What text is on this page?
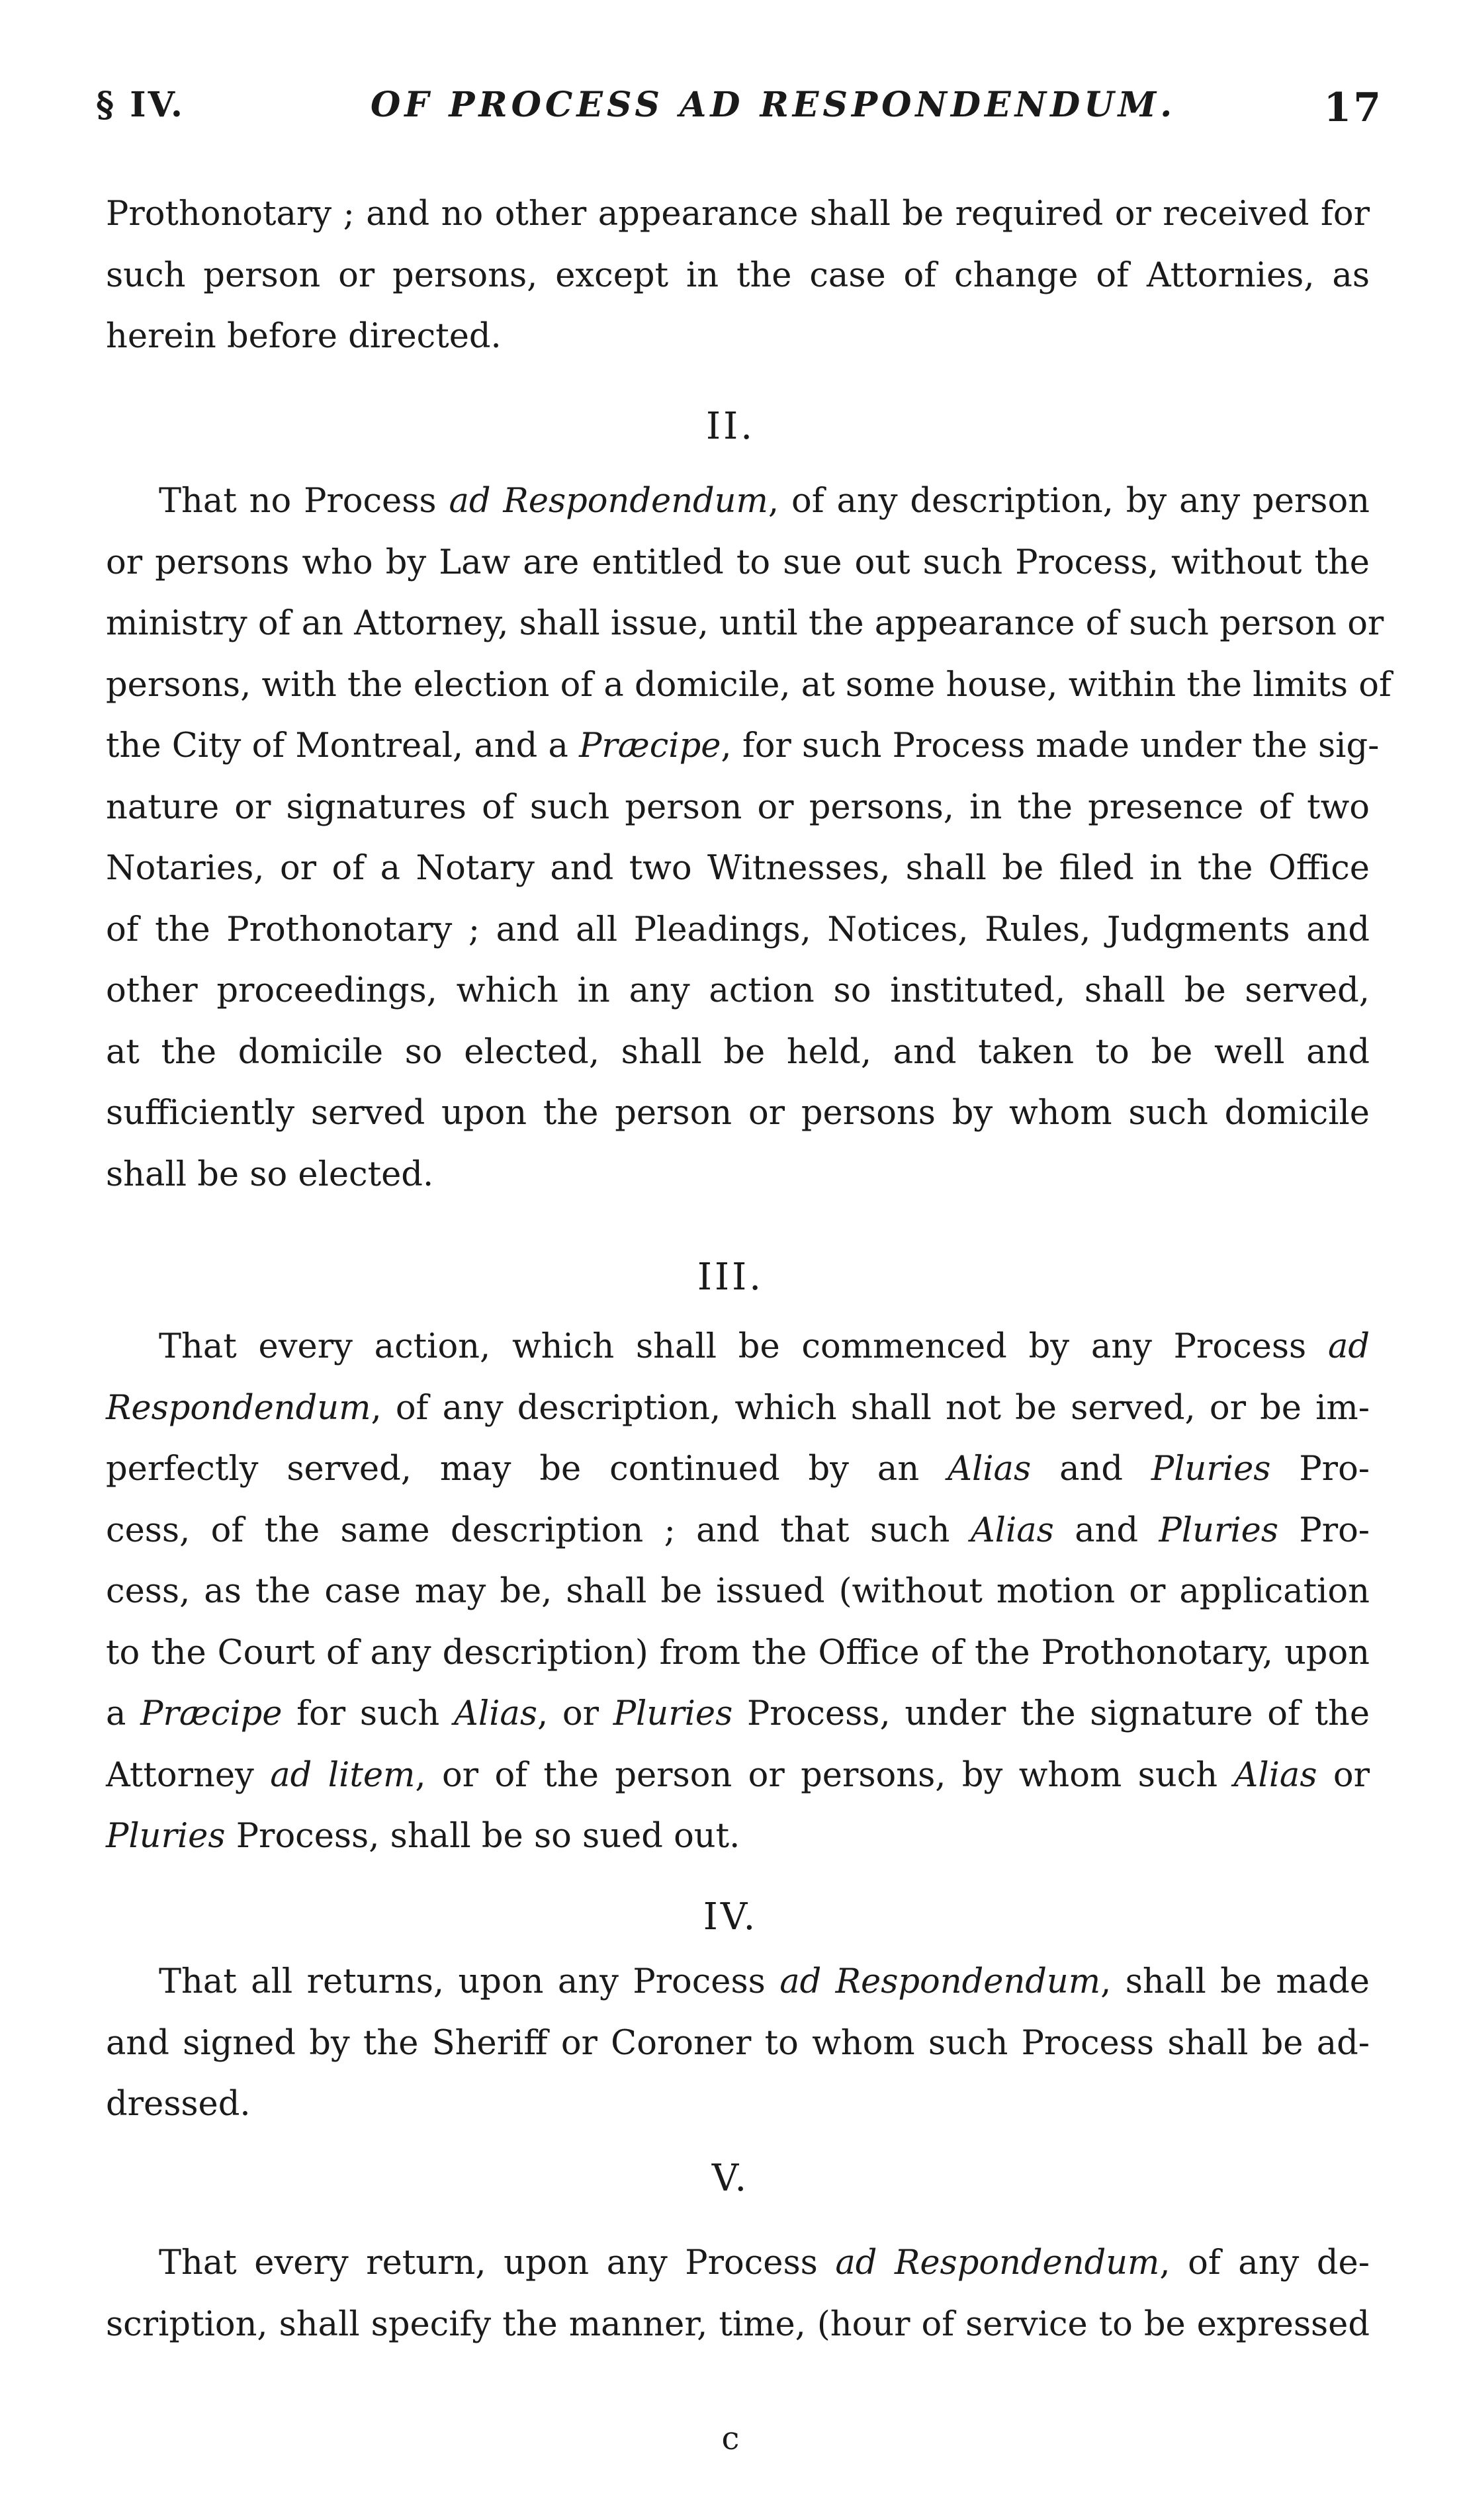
§ IV.	OF PROCESS AD RESPONDENDUM.	17
Prothonotary ; and no other appearance shall be required or received for
such person or persons, except in the case of change of Attornies, as
herein before directed.
II.
That no Process ad Respondendum, of any description, by any person
or persons who by Law are entitled to sue out such Process, without the
ministry of an Attorney, shall issue, until the appearance of such person or
persons, with the election of a domicile, at some house, within the limits of
the City of Montreal, and a Præcipe, for such Process made under the sig-
nature or signatures of such person or persons, in the presence of two
Notaries, or of a Notary and two Witnesses, shall be filed in the Office
of the Prothonotary ; and all Pleadings, Notices, Rules, Judgments and
other proceedings, which in any action so instituted, shall be served,
at the domicile so elected, shall be held, and taken to be well and
sufficiently served upon the person or persons by whom such domicile
shall be so elected.
III.
That every action, which shall be commenced by any Process ad
Respondendum, of any description, which shall not be served, or be im-
perfectly served, may be continued by an Alias and Pluries Pro-
cess, of the same description ; and that such Alias and Pluries Pro-
cess, as the case may be, shall be issued (without motion or application
to the Court of any description) from the Office of the Prothonotary, upon
a Præcipe for such Alias, or Pluries Process, under the signature of the
Attorney ad litem, or of the person or persons, by whom such Alias or
Pluries Process, shall be so sued out.
IV.
That all returns, upon any Process ad Respondendum, shall be made
and signed by the Sheriff or Coroner to whom such Process shall be ad-
dressed.
V.
That every return, upon any Process ad Respondendum, of any de-
scription, shall specify the manner, time, (hour of service to be expressed
c
